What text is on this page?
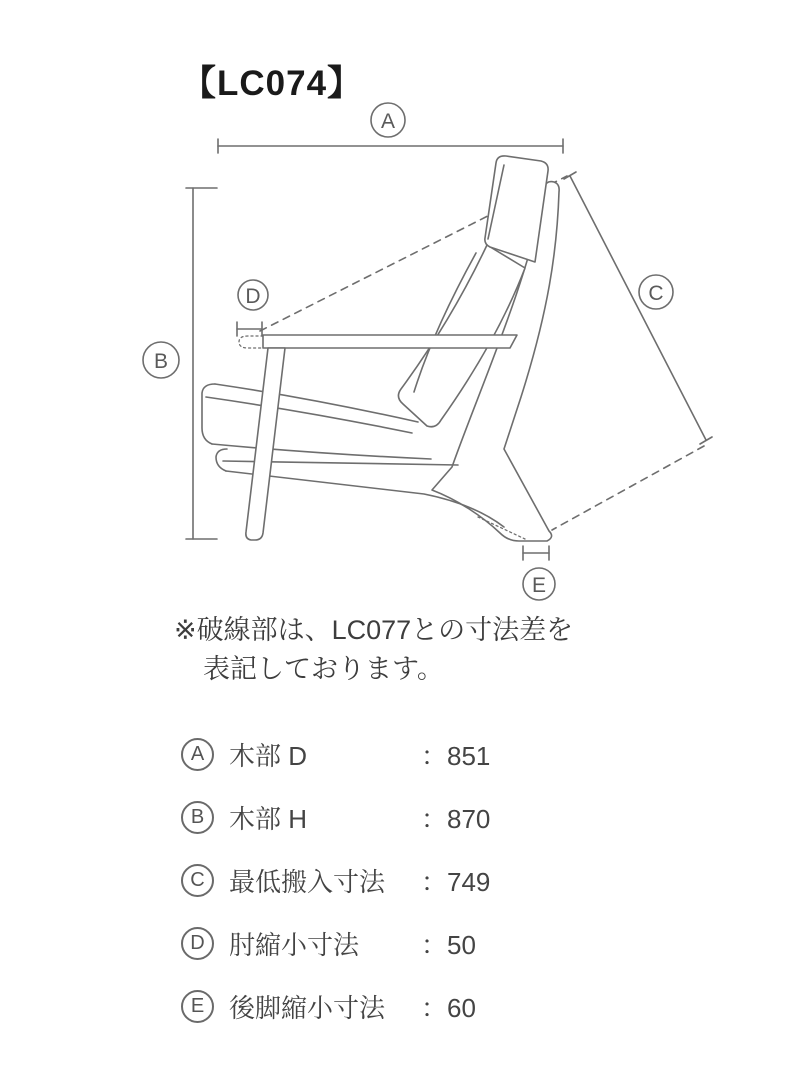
【LC074】
A
B
C
D
E
※破線部は、LC077との寸法差を
表記しております。
A 木部 D	：851
B 木部 H	：870
C 最低搬入寸法	：749
D 肘縮小寸法	：50
E 後脚縮小寸法	：60
